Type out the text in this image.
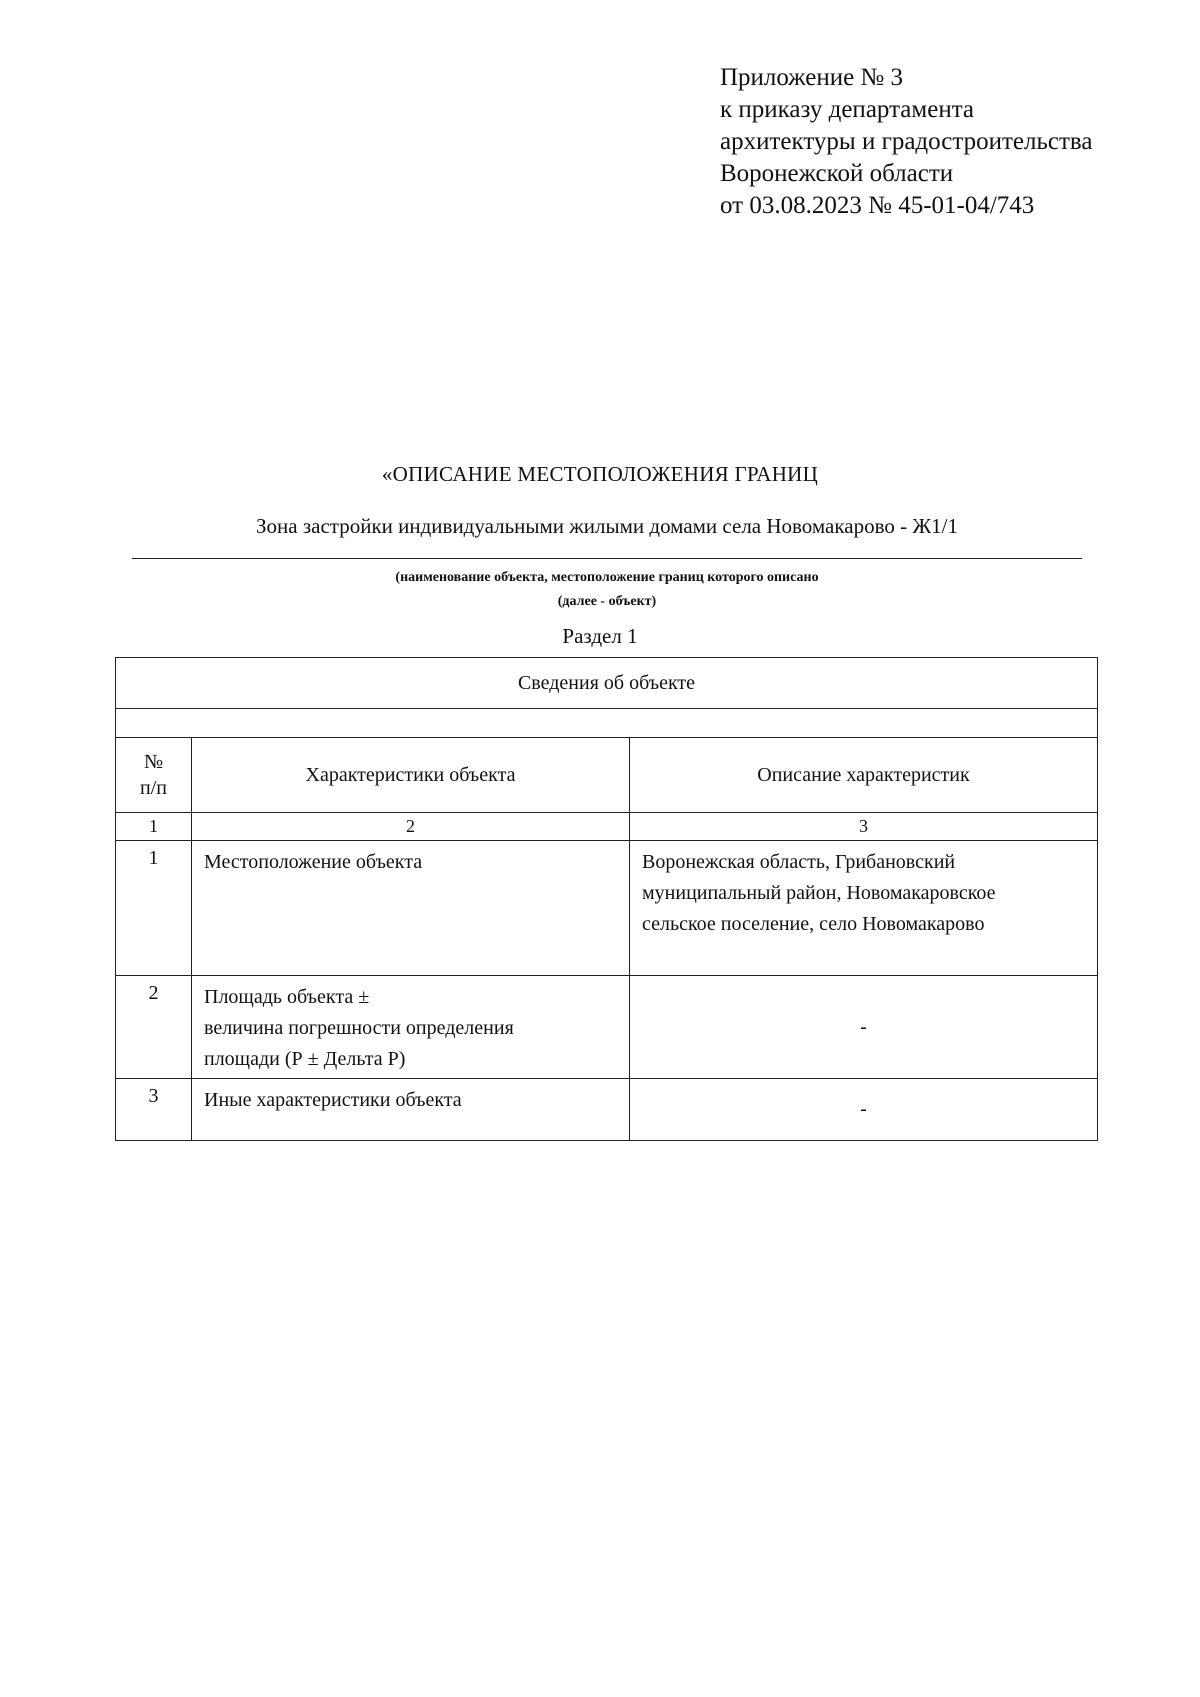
Приложение № 3
к приказу департамента
архитектуры и градостроительства
Воронежской области
от 03.08.2023 № 45-01-04/743
«ОПИСАНИЕ МЕСТОПОЛОЖЕНИЯ ГРАНИЦ
Зона застройки индивидуальными жилыми домами села Новомакарово - Ж1/1
(наименование объекта, местоположение границ которого описано
(далее - объект)
Раздел 1
Сведения об объекте		

№
п/п	Характеристики объекта	Описание характеристик
1	2	3
1	Местоположение объекта	Воронежская область, Грибановский
муниципальный район, Новомакаровское
сельское поселение, село Новомакарово

2	Площадь объекта ±
величина погрешности определения
площади (Р ± Дельта Р)	-
3	Иные характеристики объекта	-
